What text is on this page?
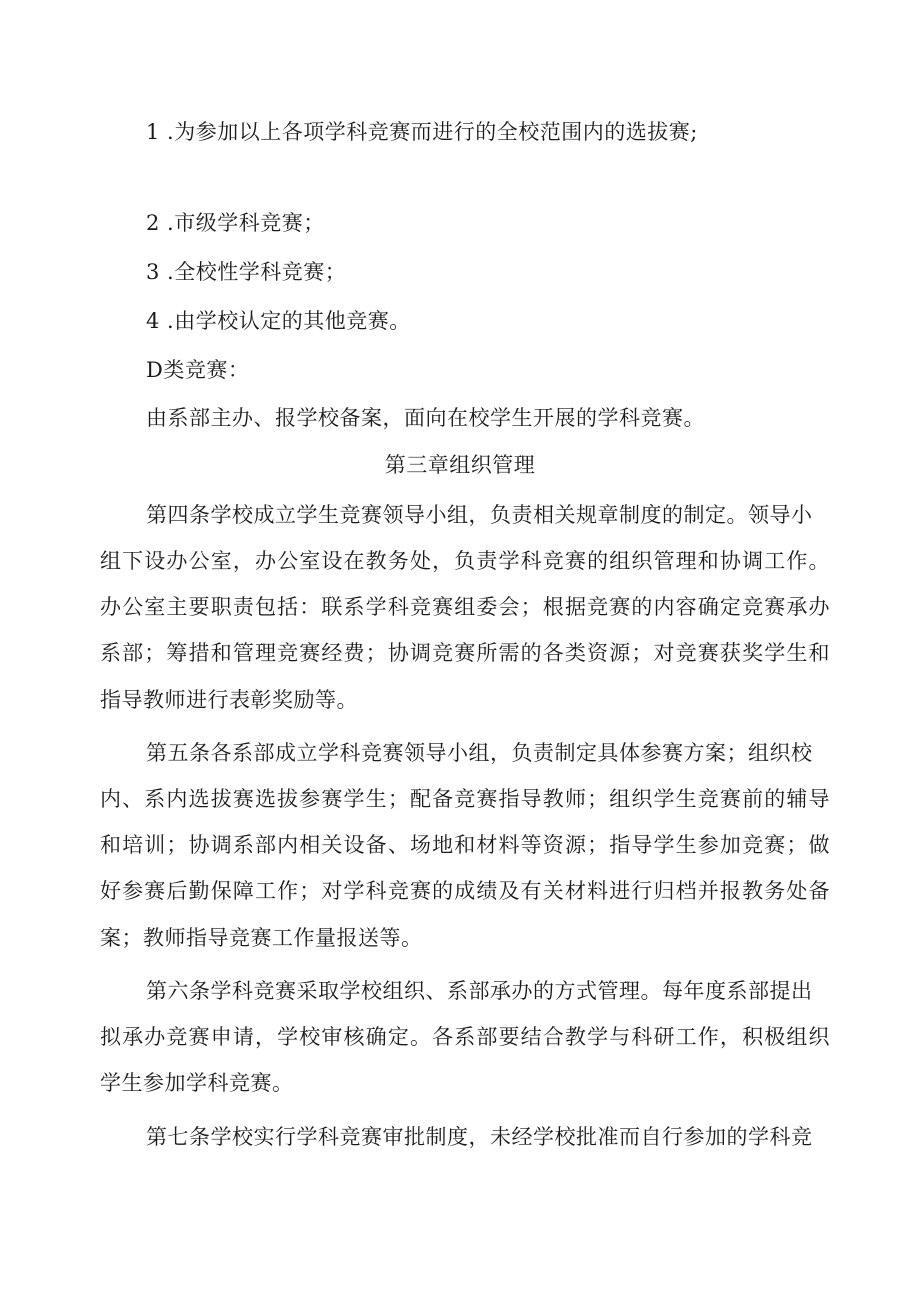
1 .为参加以上各项学科竞赛而进行的全校范围内的选拔赛;
2 .市级学科竞赛；
3 .全校性学科竞赛；
4 .由学校认定的其他竞赛。
D类竞赛：
由系部主办、报学校备案，面向在校学生开展的学科竞赛。
第三章组织管理
第四条学校成立学生竞赛领导小组，负责相关规章制度的制定。领导小
组下设办公室，办公室设在教务处，负责学科竞赛的组织管理和协调工作。
办公室主要职责包括：联系学科竞赛组委会；根据竞赛的内容确定竞赛承办
系部；筹措和管理竞赛经费；协调竞赛所需的各类资源；对竞赛获奖学生和
指导教师进行表彰奖励等。
第五条各系部成立学科竞赛领导小组，负责制定具体参赛方案；组织校
内、系内选拔赛选拔参赛学生；配备竞赛指导教师；组织学生竞赛前的辅导
和培训；协调系部内相关设备、场地和材料等资源；指导学生参加竞赛；做
好参赛后勤保障工作；对学科竞赛的成绩及有关材料进行归档并报教务处备
案；教师指导竞赛工作量报送等。
第六条学科竞赛采取学校组织、系部承办的方式管理。每年度系部提出
拟承办竞赛申请，学校审核确定。各系部要结合教学与科研工作，积极组织
学生参加学科竞赛。
第七条学校实行学科竞赛审批制度，未经学校批准而自行参加的学科竞
